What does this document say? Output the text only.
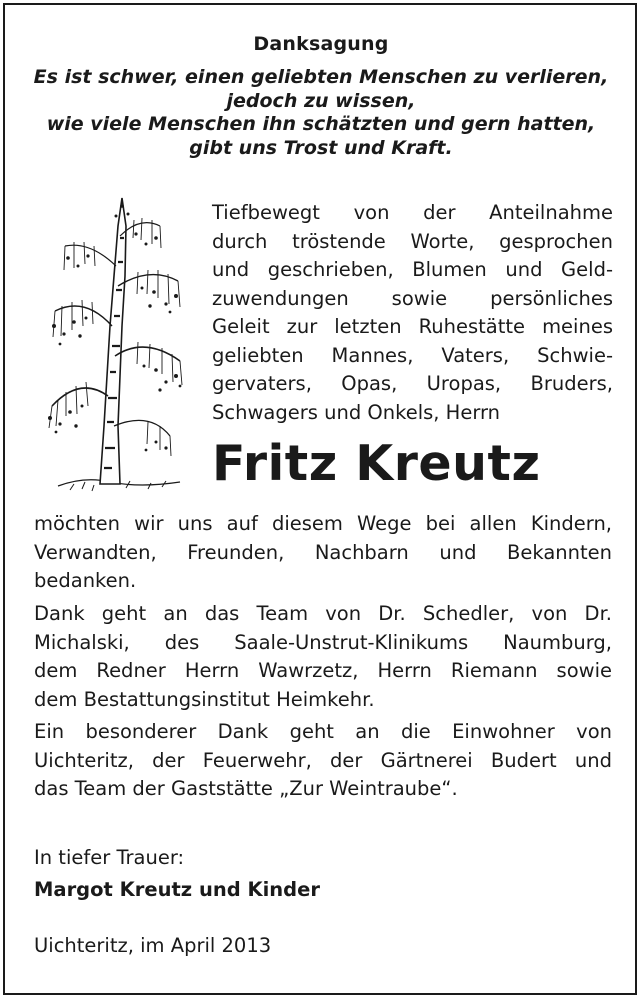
Danksagung
Es ist schwer, einen geliebten Menschen zu verlieren,
jedoch zu wissen,
wie viele Menschen ihn schätzten und gern hatten,
gibt uns Trost und Kraft.
Tiefbewegt von der Anteilnahme
durch tröstende Worte, gesprochen
und geschrieben, Blumen und Geld-
zuwendungen sowie persönliches
Geleit zur letzten Ruhestätte meines
geliebten Mannes, Vaters, Schwie-
gervaters, Opas, Uropas, Bruders,
Schwagers und Onkels, Herrn
Fritz Kreutz
möchten wir uns auf diesem Wege bei allen Kindern,
Verwandten, Freunden, Nachbarn und Bekannten
bedanken.
Dank geht an das Team von Dr. Schedler, von Dr.
Michalski, des Saale-Unstrut-Klinikums Naumburg,
dem Redner Herrn Wawrzetz, Herrn Riemann sowie
dem Bestattungsinstitut Heimkehr.
Ein besonderer Dank geht an die Einwohner von
Uichteritz, der Feuerwehr, der Gärtnerei Budert und
das Team der Gaststätte „Zur Weintraube“.
In tiefer Trauer:
Margot Kreutz und Kinder
Uichteritz, im April 2013
